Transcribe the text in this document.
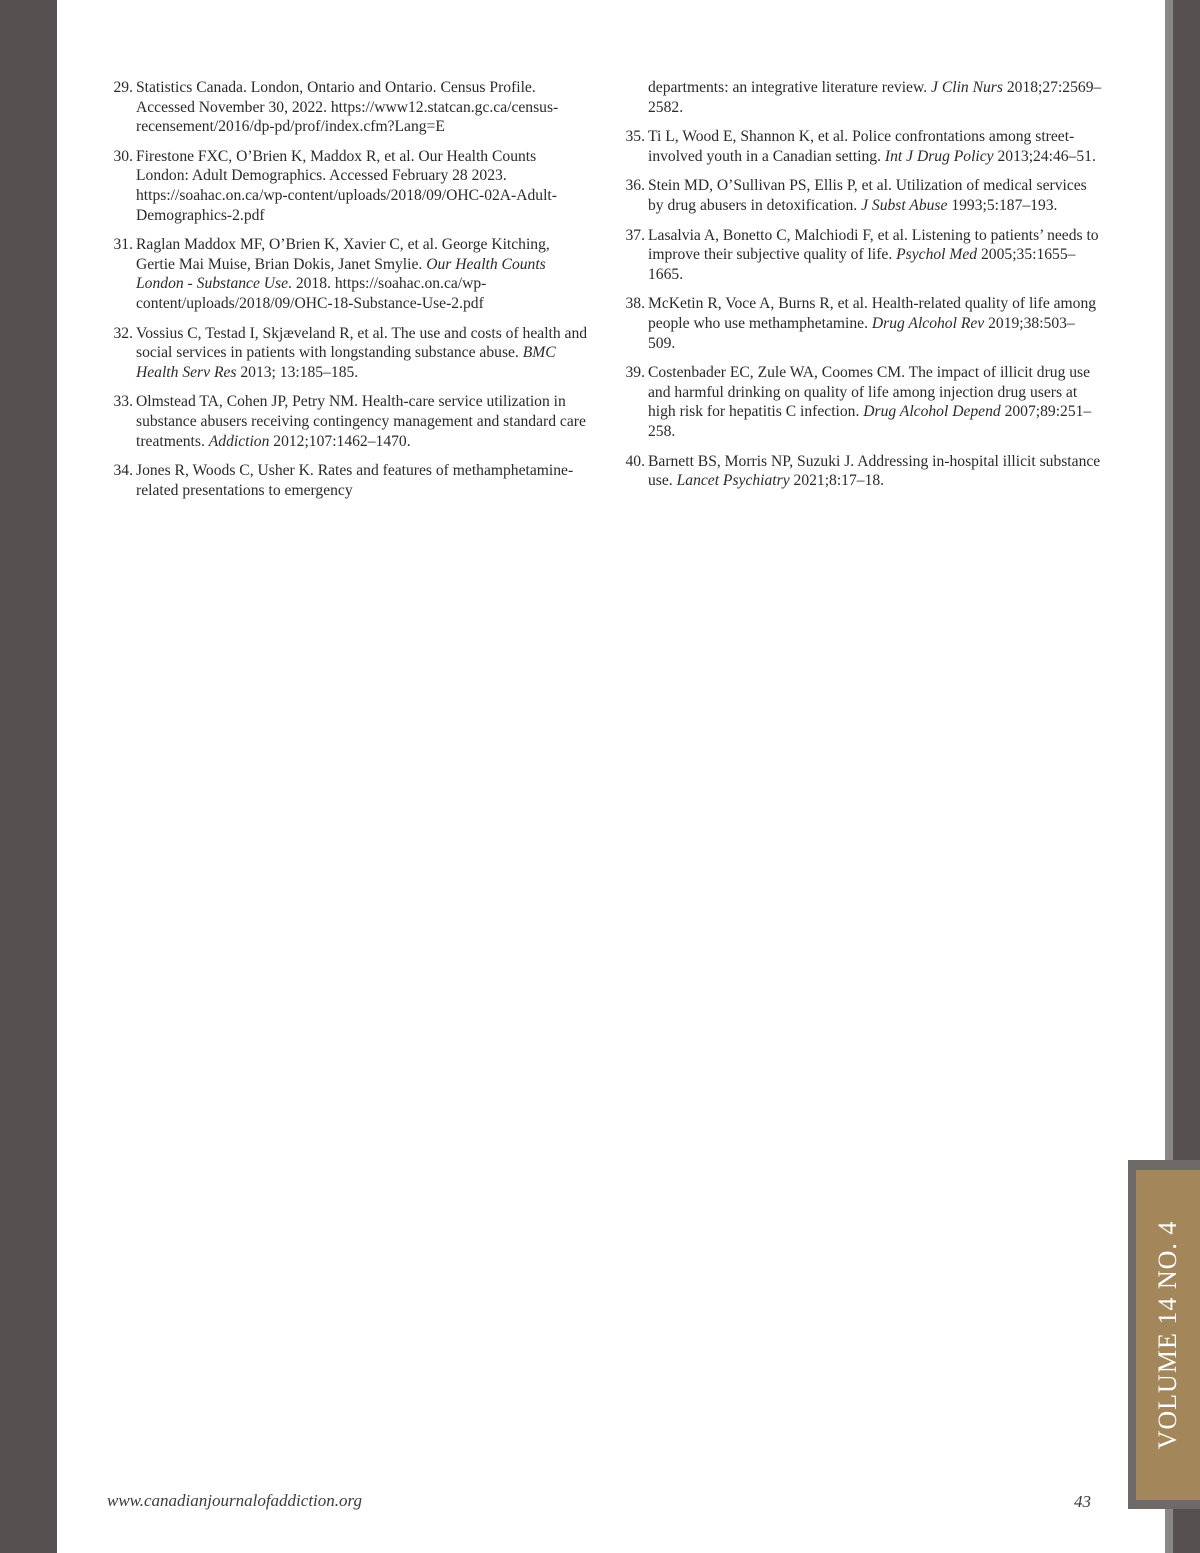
29. Statistics Canada. London, Ontario and Ontario. Census Profile. Accessed November 30, 2022. https://www12.statcan.gc.ca/census-recensement/2016/dp-pd/prof/index.cfm?Lang=E
30. Firestone FXC, O’Brien K, Maddox R, et al. Our Health Counts London: Adult Demographics. Accessed February 28 2023. https://soahac.on.ca/wp-content/uploads/2018/09/OHC-02A-Adult-Demographics-2.pdf
31. Raglan Maddox MF, O’Brien K, Xavier C, et al. George Kitching, Gertie Mai Muise, Brian Dokis, Janet Smylie. Our Health Counts London - Substance Use. 2018. https://soahac.on.ca/wp-content/uploads/2018/09/OHC-18-Substance-Use-2.pdf
32. Vossius C, Testad I, Skjæveland R, et al. The use and costs of health and social services in patients with longstanding substance abuse. BMC Health Serv Res 2013; 13:185–185.
33. Olmstead TA, Cohen JP, Petry NM. Health-care service utilization in substance abusers receiving contingency management and standard care treatments. Addiction 2012;107:1462–1470.
34. Jones R, Woods C, Usher K. Rates and features of methamphetamine-related presentations to emergency
departments: an integrative literature review. J Clin Nurs 2018;27:2569–2582.
35. Ti L, Wood E, Shannon K, et al. Police confrontations among street-involved youth in a Canadian setting. Int J Drug Policy 2013;24:46–51.
36. Stein MD, O’Sullivan PS, Ellis P, et al. Utilization of medical services by drug abusers in detoxification. J Subst Abuse 1993;5:187–193.
37. Lasalvia A, Bonetto C, Malchiodi F, et al. Listening to patients’ needs to improve their subjective quality of life. Psychol Med 2005;35:1655–1665.
38. McKetin R, Voce A, Burns R, et al. Health-related quality of life among people who use methamphetamine. Drug Alcohol Rev 2019;38:503–509.
39. Costenbader EC, Zule WA, Coomes CM. The impact of illicit drug use and harmful drinking on quality of life among injection drug users at high risk for hepatitis C infection. Drug Alcohol Depend 2007;89:251–258.
40. Barnett BS, Morris NP, Suzuki J. Addressing in-hospital illicit substance use. Lancet Psychiatry 2021;8:17–18.
VOLUME 14 NO. 4
www.canadianjournalofaddiction.org	43
